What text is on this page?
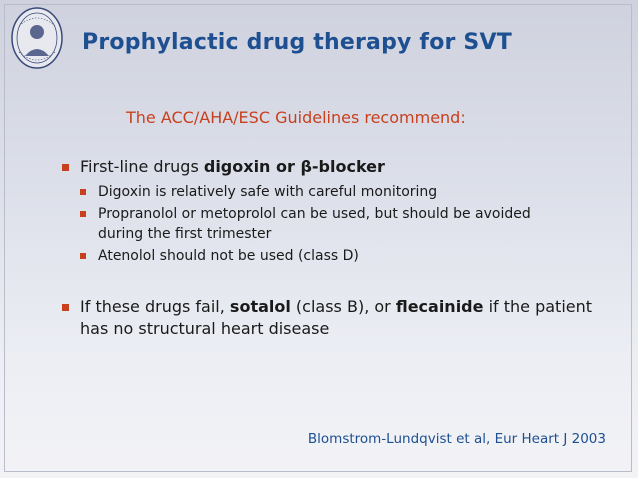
Prophylactic drug therapy for SVT
The ACC/AHA/ESC Guidelines recommend:
First-line drugs digoxin or β-blocker
Digoxin is relatively safe with careful monitoring
Propranolol or metoprolol can be used, but should be avoided during the first trimester
Atenolol should not be used (class D)
If these drugs fail, sotalol (class B), or flecainide if the patient has no structural heart disease
Blomstrom-Lundqvist et al, Eur Heart J 2003
